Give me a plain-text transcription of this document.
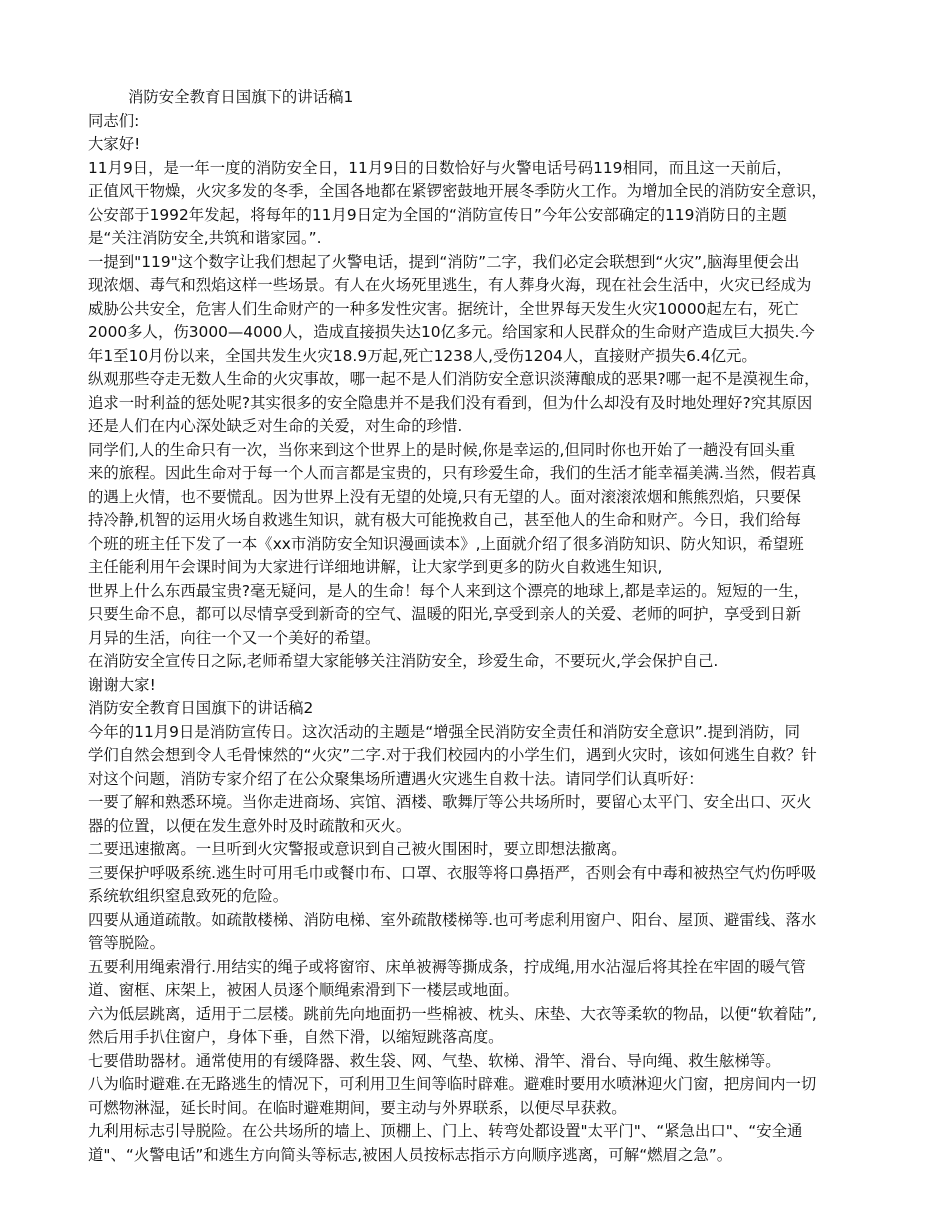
消防安全教育日国旗下的讲话稿1

同志们:

大家好!

11月9日，是一年一度的消防安全日，11月9日的日数恰好与火警电话号码119相同，而且这一天前后，

正值风干物燥，火灾多发的冬季，全国各地都在紧锣密鼓地开展冬季防火工作。为增加全民的消防安全意识，

公安部于1992年发起，将每年的11月9日定为全国的“消防宣传日”今年公安部确定的119消防日的主题

是“关注消防安全,共筑和谐家园。”.

一提到"119"这个数字让我们想起了火警电话，提到“消防”二字，我们必定会联想到“火灾”,脑海里便会出

现浓烟、毒气和烈焰这样一些场景。有人在火场死里逃生，有人葬身火海，现在社会生活中，火灾已经成为

威胁公共安全，危害人们生命财产的一种多发性灾害。据统计，全世界每天发生火灾10000起左右，死亡

2000多人，伤3000—4000人，造成直接损失达10亿多元。给国家和人民群众的生命财产造成巨大损失.今

年1至10月份以来，全国共发生火灾18.9万起,死亡1238人,受伤1204人，直接财产损失6.4亿元。

纵观那些夺走无数人生命的火灾事故，哪一起不是人们消防安全意识淡薄酿成的恶果?哪一起不是漠视生命，

追求一时利益的惩处呢?其实很多的安全隐患并不是我们没有看到，但为什么却没有及时地处理好?究其原因

还是人们在内心深处缺乏对生命的关爱，对生命的珍惜.

同学们,人的生命只有一次，当你来到这个世界上的是时候,你是幸运的,但同时你也开始了一趟没有回头重

来的旅程。因此生命对于每一个人而言都是宝贵的，只有珍爱生命，我们的生活才能幸福美满.当然，假若真

的遇上火情，也不要慌乱。因为世界上没有无望的处境,只有无望的人。面对滚滚浓烟和熊熊烈焰，只要保

持冷静,机智的运用火场自救逃生知识，就有极大可能挽救自己，甚至他人的生命和财产。今日，我们给每

个班的班主任下发了一本《xx市消防安全知识漫画读本》,上面就介绍了很多消防知识、防火知识，希望班

主任能利用午会课时间为大家进行详细地讲解，让大家学到更多的防火自救逃生知识,

世界上什么东西最宝贵?毫无疑问，是人的生命！每个人来到这个漂亮的地球上,都是幸运的。短短的一生，

只要生命不息，都可以尽情享受到新奇的空气、温暖的阳光,享受到亲人的关爱、老师的呵护，享受到日新

月异的生活，向往一个又一个美好的希望。

在消防安全宣传日之际,老师希望大家能够关注消防安全，珍爱生命，不要玩火,学会保护自己.

谢谢大家!

消防安全教育日国旗下的讲话稿2

今年的11月9日是消防宣传日。这次活动的主题是“增强全民消防安全责任和消防安全意识”.提到消防，同

学们自然会想到令人毛骨悚然的“火灾”二字.对于我们校园内的小学生们，遇到火灾时，该如何逃生自救？针

对这个问题，消防专家介绍了在公众聚集场所遭遇火灾逃生自救十法。请同学们认真听好：

一要了解和熟悉环境。当你走进商场、宾馆、酒楼、歌舞厅等公共场所时，要留心太平门、安全出口、灭火

器的位置，以便在发生意外时及时疏散和灭火。

二要迅速撤离。一旦听到火灾警报或意识到自己被火围困时，要立即想法撤离。

三要保护呼吸系统.逃生时可用毛巾或餐巾布、口罩、衣服等将口鼻捂严，否则会有中毒和被热空气灼伤呼吸

系统软组织窒息致死的危险。

四要从通道疏散。如疏散楼梯、消防电梯、室外疏散楼梯等.也可考虑利用窗户、阳台、屋顶、避雷线、落水

管等脱险。

五要利用绳索滑行.用结实的绳子或将窗帘、床单被褥等撕成条，拧成绳,用水沾湿后将其拴在牢固的暖气管

道、窗框、床架上，被困人员逐个顺绳索滑到下一楼层或地面。

六为低层跳离，适用于二层楼。跳前先向地面扔一些棉被、枕头、床垫、大衣等柔软的物品，以便“软着陆”,

然后用手扒住窗户，身体下垂，自然下滑，以缩短跳落高度。

七要借助器材。通常使用的有缓降器、救生袋、网、气垫、软梯、滑竿、滑台、导向绳、救生舷梯等。

八为临时避难.在无路逃生的情况下，可利用卫生间等临时辟难。避难时要用水喷淋迎火门窗，把房间内一切

可燃物淋湿，延长时间。在临时避难期间，要主动与外界联系，以便尽早获救。

九利用标志引导脱险。在公共场所的墙上、顶棚上、门上、转弯处都设置"太平门"、“紧急出口"、“安全通

道"、“火警电话”和逃生方向简头等标志,被困人员按标志指示方向顺序逃离，可解“燃眉之急”。
